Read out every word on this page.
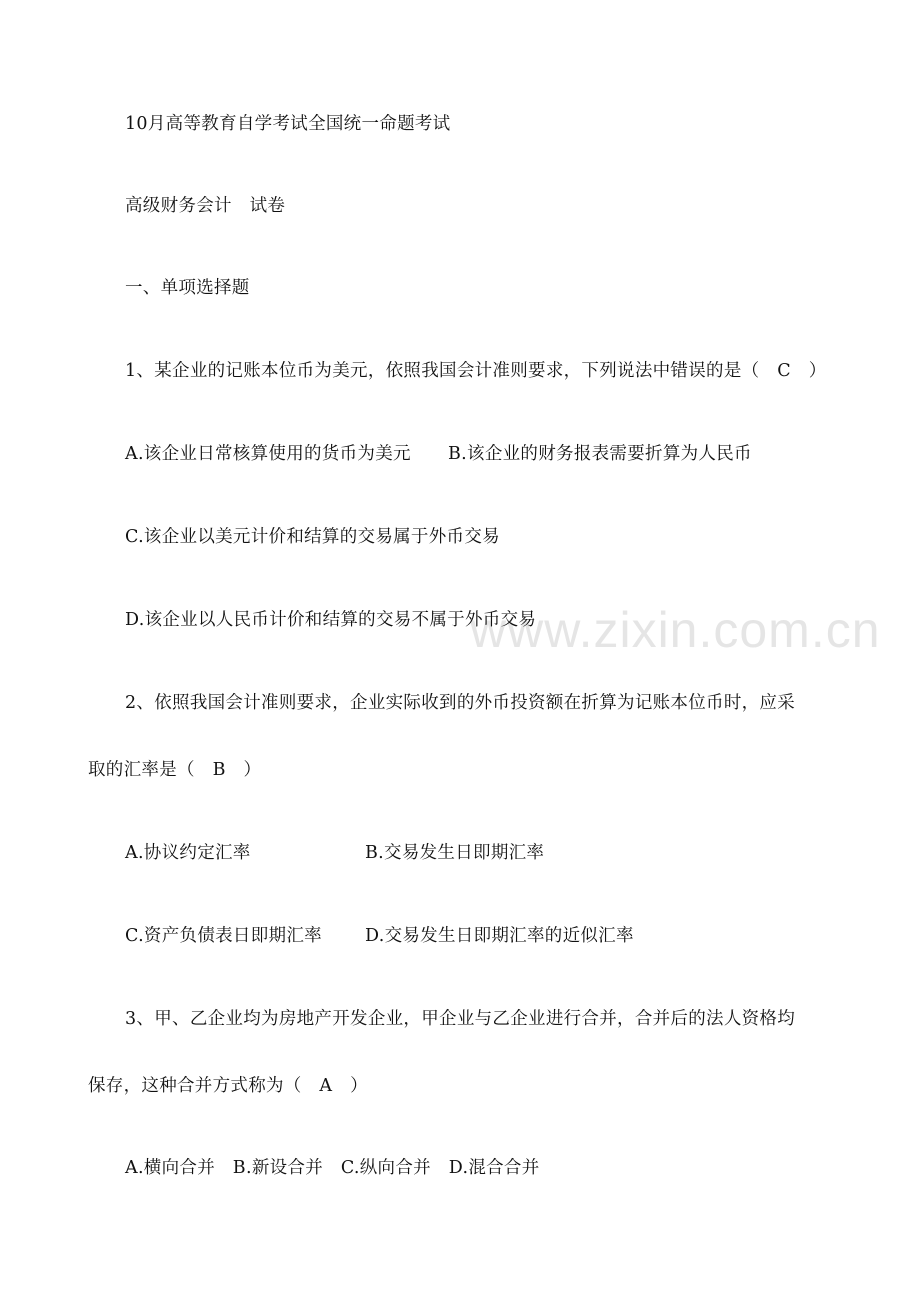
www.zixin.com.cn
10月高等教育自学考试全国统一命题考试
高级财务会计　试卷
一、单项选择题
1、某企业的记账本位币为美元，依照我国会计准则要求，下列说法中错误的是（　C　）
A.该企业日常核算使用的货币为美元 B.该企业的财务报表需要折算为人民币
C.该企业以美元计价和结算的交易属于外币交易
D.该企业以人民币计价和结算的交易不属于外币交易
2、依照我国会计准则要求，企业实际收到的外币投资额在折算为记账本位币时，应采
取的汇率是（　B　）
A.协议约定汇率	B.交易发生日即期汇率
C.资产负债表日即期汇率 D.交易发生日即期汇率的近似汇率
3、甲、乙企业均为房地产开发企业，甲企业与乙企业进行合并，合并后的法人资格均
保存，这种合并方式称为（　A　）
A.横向合并　B.新设合并　C.纵向合并　D.混合合并
